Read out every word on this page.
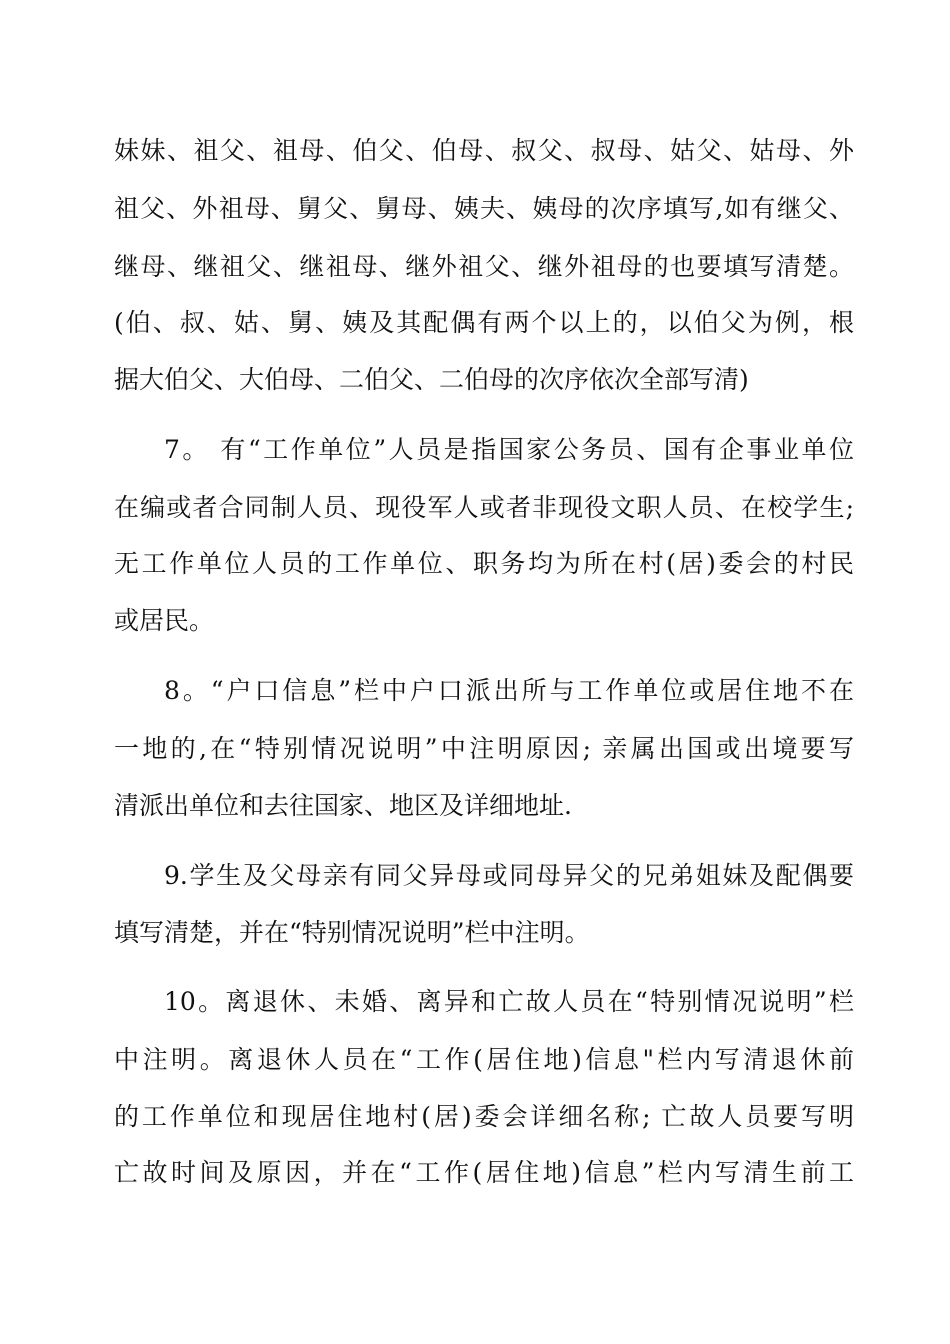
妹妹、祖父、祖母、伯父、伯母、叔父、叔母、姑父、姑母、外
祖父、外祖母、舅父、舅母、姨夫、姨母的次序填写,如有继父、
继母、继祖父、继祖母、继外祖父、继外祖母的也要填写清楚。
(伯、叔、姑、舅、姨及其配偶有两个以上的，以伯父为例，根
据大伯父、大伯母、二伯父、二伯母的次序依次全部写清)
7。 有“工作单位”人员是指国家公务员、国有企事业单位
在编或者合同制人员、现役军人或者非现役文职人员、在校学生;
无工作单位人员的工作单位、职务均为所在村(居)委会的村民
或居民。
8。“户口信息”栏中户口派出所与工作单位或居住地不在
一地的,在“特别情况说明”中注明原因; 亲属出国或出境要写
清派出单位和去往国家、地区及详细地址.
9.学生及父母亲有同父异母或同母异父的兄弟姐妹及配偶要
填写清楚，并在“特别情况说明”栏中注明。
10。离退休、未婚、离异和亡故人员在“特别情况说明”栏
中注明。离退休人员在“工作(居住地)信息"栏内写清退休前
的工作单位和现居住地村(居)委会详细名称; 亡故人员要写明
亡故时间及原因，并在“工作(居住地)信息”栏内写清生前工
